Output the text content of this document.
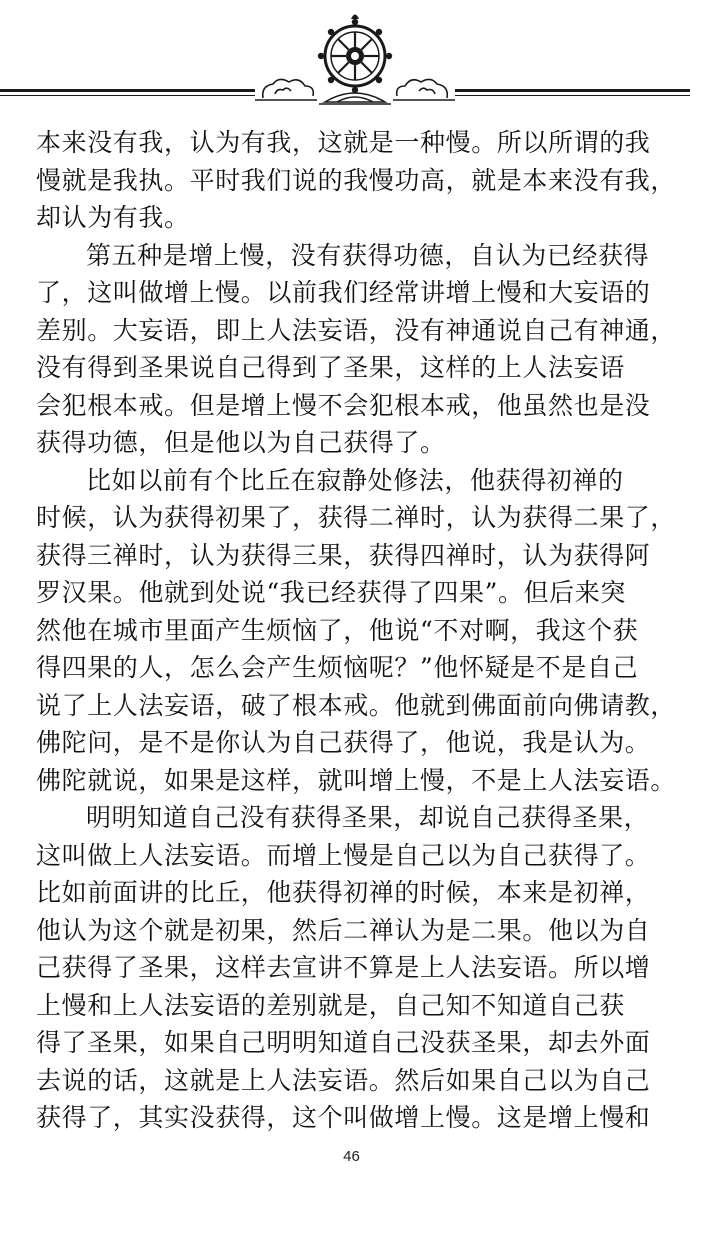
本来没有我，认为有我，这就是一种慢。所以所谓的我
慢就是我执。平时我们说的我慢功高，就是本来没有我，
却认为有我。
第五种是增上慢，没有获得功德，自认为已经获得
了，这叫做增上慢。以前我们经常讲增上慢和大妄语的
差别。大妄语，即上人法妄语，没有神通说自己有神通，
没有得到圣果说自己得到了圣果，这样的上人法妄语
会犯根本戒。但是增上慢不会犯根本戒，他虽然也是没
获得功德，但是他以为自己获得了。
比如以前有个比丘在寂静处修法，他获得初禅的
时候，认为获得初果了，获得二禅时，认为获得二果了，
获得三禅时，认为获得三果，获得四禅时，认为获得阿
罗汉果。他就到处说“我已经获得了四果”。但后来突
然他在城市里面产生烦恼了，他说“不对啊，我这个获
得四果的人，怎么会产生烦恼呢？”他怀疑是不是自己
说了上人法妄语，破了根本戒。他就到佛面前向佛请教，
佛陀问，是不是你认为自己获得了，他说，我是认为。
佛陀就说，如果是这样，就叫增上慢，不是上人法妄语。
明明知道自己没有获得圣果，却说自己获得圣果，
这叫做上人法妄语。而增上慢是自己以为自己获得了。
比如前面讲的比丘，他获得初禅的时候，本来是初禅，
他认为这个就是初果，然后二禅认为是二果。他以为自
己获得了圣果，这样去宣讲不算是上人法妄语。所以增
上慢和上人法妄语的差别就是，自己知不知道自己获
得了圣果，如果自己明明知道自己没获圣果，却去外面
去说的话，这就是上人法妄语。然后如果自己以为自己
获得了，其实没获得，这个叫做增上慢。这是增上慢和
46
